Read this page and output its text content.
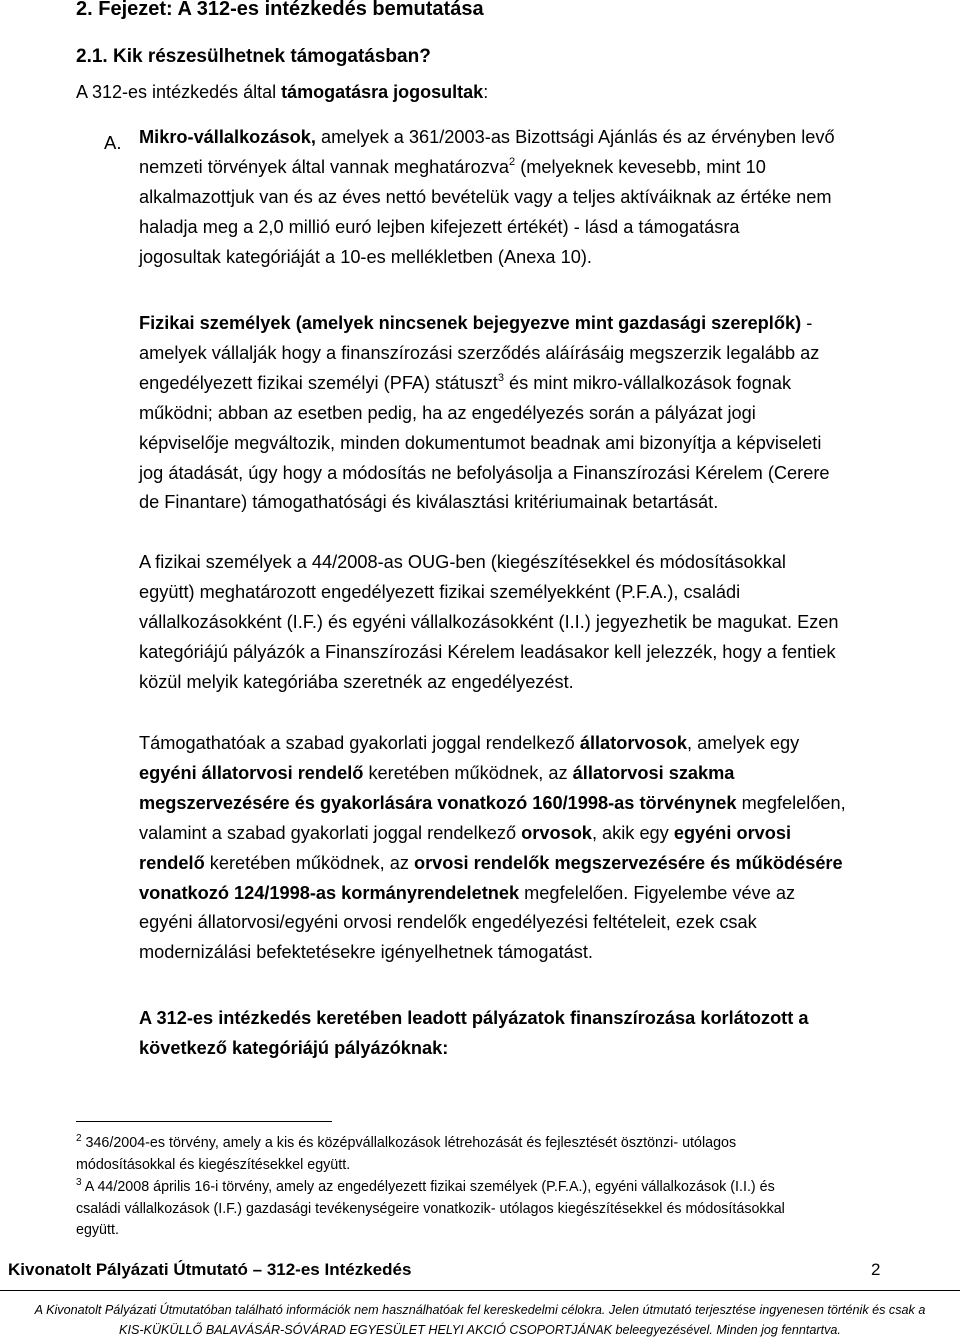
2. Fejezet: A 312-es intézkedés bemutatása
2.1. Kik részesülhetnek támogatásban?
A 312-es intézkedés által támogatásra jogosultak:
A. Mikro-vállalkozások, amelyek a 361/2003-as Bizottsági Ajánlás és az érvényben levő
nemzeti törvények által vannak meghatározva$^2$ (melyeknek kevesebb, mint 10
alkalmazottjuk van és az éves nettó bevételük vagy a teljes aktíváiknak az értéke nem
haladja meg a 2,0 millió euró lejben kifejezett értékét) - lásd a támogatásra
jogosultak kategóriáját a 10-es mellékletben (Anexa 10).
Fizikai személyek (amelyek nincsenek bejegyezve mint gazdasági szereplők) -
amelyek vállalják hogy a finanszírozási szerződés aláírásáig megszerzik legalább az
engedélyezett fizikai személyi (PFA) státuszt$^3$ és mint mikro-vállalkozások fognak
működni; abban az esetben pedig, ha az engedélyezés során a pályázat jogi
képviselője megváltozik, minden dokumentumot beadnak ami bizonyítja a képviseleti
jog átadását, úgy hogy a módosítás ne befolyásolja a Finanszírozási Kérelem (Cerere
de Finantare) támogathatósági és kiválasztási kritériumainak betartását.
A fizikai személyek a 44/2008-as OUG-ben (kiegészítésekkel és módosításokkal
együtt) meghatározott engedélyezett fizikai személyekként (P.F.A.), családi
vállalkozásokként (I.F.) és egyéni vállalkozásokként (I.I.) jegyezhetik be magukat. Ezen
kategóriájú pályázók a Finanszírozási Kérelem leadásakor kell jelezzék, hogy a fentiek
közül melyik kategóriába szeretnék az engedélyezést.
Támogathatóak a szabad gyakorlati joggal rendelkező állatorvosok, amelyek egy
egyéni állatorvosi rendelő keretében működnek, az állatorvosi szakma
megszervezésére és gyakorlására vonatkozó 160/1998-as törvénynek megfelelően,
valamint a szabad gyakorlati joggal rendelkező orvosok, akik egy egyéni orvosi
rendelő keretében működnek, az orvosi rendelők megszervezésére és működésére
vonatkozó 124/1998-as kormányrendeletnek megfelelően. Figyelembe véve az
egyéni állatorvosi/egyéni orvosi rendelők engedélyezési feltételeit, ezek csak
modernizálási befektetésekre igényelhetnek támogatást.
A 312-es intézkedés keretében leadott pályázatok finanszírozása korlátozott a
következő kategóriájú pályázóknak:
$^2$ 346/2004-es törvény, amely a kis és középvállalkozások létrehozását és fejlesztését ösztönzi- utólagos
módosításokkal és kiegészítésekkel együtt.
$^3$ A 44/2008 április 16-i törvény, amely az engedélyezett fizikai személyek (P.F.A.), egyéni vállalkozások (I.I.) és
családi vállalkozások (I.F.) gazdasági tevékenységeire vonatkozik- utólagos kiegészítésekkel és módosításokkal
együtt.
Kivonatolt Pályázati Útmutató – 312-es Intézkedés	2
A Kivonatolt Pályázati Útmutatóban található információk nem használhatóak fel kereskedelmi célokra. Jelen útmutató terjesztése ingyenesen történik és csak a
KIS-KÜKÜLLŐ BALAVÁSÁR-SÓVÁRAD EGYESÜLET HELYI AKCIÓ CSOPORTJÁNAK beleegyezésével. Minden jog fenntartva.
